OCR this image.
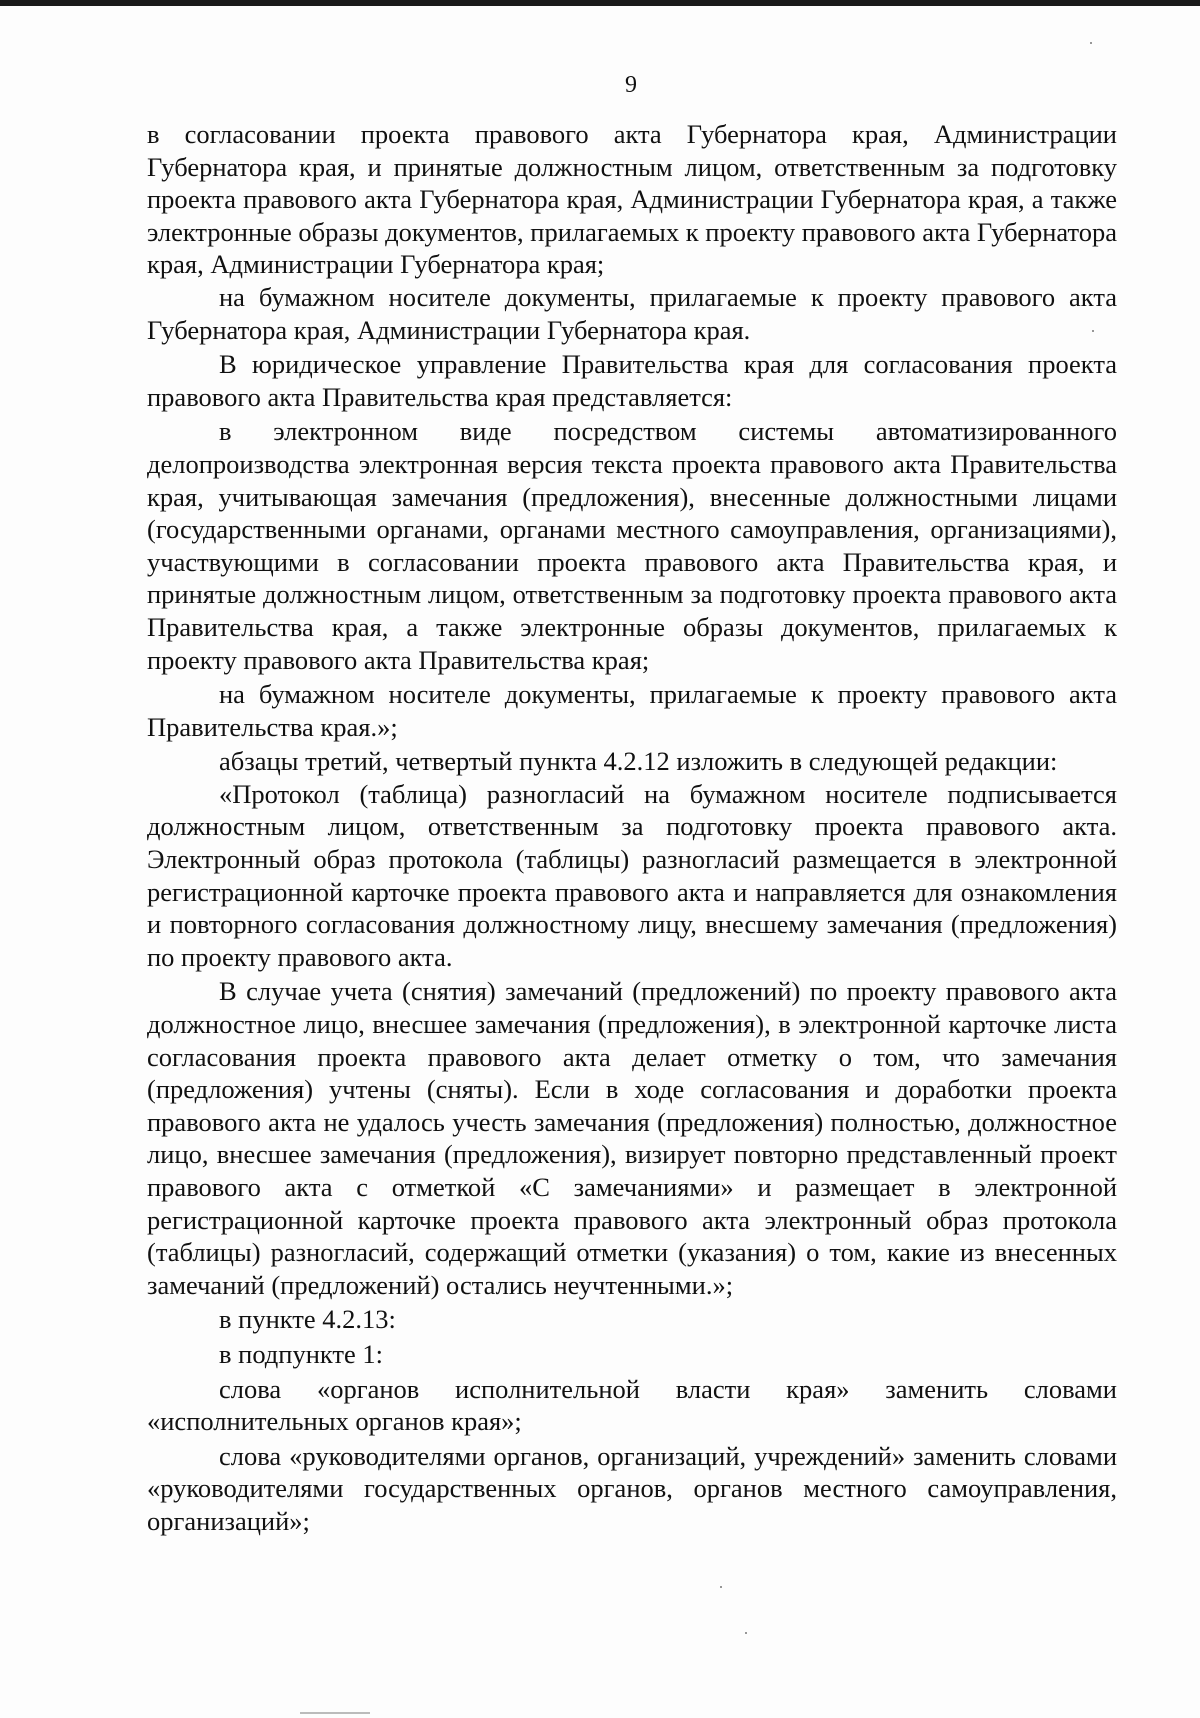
9

в согласовании проекта правового акта Губернатора края, Администрации Губернатора края, и принятые должностным лицом, ответственным за подготовку проекта правового акта Губернатора края, Администрации Губернатора края, а также электронные образы документов, прилагаемых к проекту правового акта Губернатора края, Администрации Губернатора края;

на бумажном носителе документы, прилагаемые к проекту правового акта Губернатора края, Администрации Губернатора края.

В юридическое управление Правительства края для согласования проекта правового акта Правительства края представляется:

в электронном виде посредством системы автоматизированного делопроизводства электронная версия текста проекта правового акта Правительства края, учитывающая замечания (предложения), внесенные должностными лицами (государственными органами, органами местного самоуправления, организациями), участвующими в согласовании проекта правового акта Правительства края, и принятые должностным лицом, ответственным за подготовку проекта правового акта Правительства края, а также электронные образы документов, прилагаемых к проекту правового акта Правительства края;

на бумажном носителе документы, прилагаемые к проекту правового акта Правительства края.»;

абзацы третий, четвертый пункта 4.2.12 изложить в следующей редакции:

«Протокол (таблица) разногласий на бумажном носителе подписывается должностным лицом, ответственным за подготовку проекта правового акта. Электронный образ протокола (таблицы) разногласий размещается в электронной регистрационной карточке проекта правового акта и направляется для ознакомления и повторного согласования должностному лицу, внесшему замечания (предложения) по проекту правового акта.

В случае учета (снятия) замечаний (предложений) по проекту правового акта должностное лицо, внесшее замечания (предложения), в электронной карточке листа согласования проекта правового акта делает отметку о том, что замечания (предложения) учтены (сняты). Если в ходе согласования и доработки проекта правового акта не удалось учесть замечания (предложения) полностью, должностное лицо, внесшее замечания (предложения), визирует повторно представленный проект правового акта с отметкой «С замечаниями» и размещает в электронной регистрационной карточке проекта правового акта электронный образ протокола (таблицы) разногласий, содержащий отметки (указания) о том, какие из внесенных замечаний (предложений) остались неучтенными.»;

в пункте 4.2.13:

в подпункте 1:

слова «органов исполнительной власти края» заменить словами «исполнительных органов края»;

слова «руководителями органов, организаций, учреждений» заменить словами «руководителями государственных органов, органов местного самоуправления, организаций»;
